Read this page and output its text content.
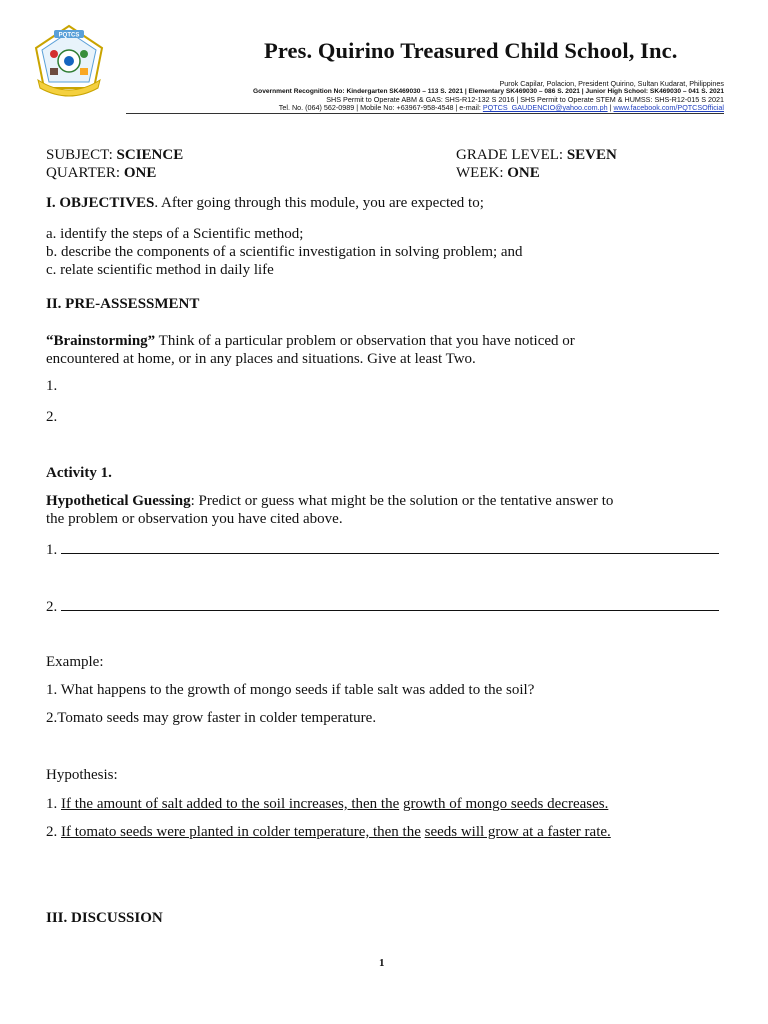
PQTCS
Pres. Quirino Treasured Child School, Inc.
Purok Capilar, Polacion, President Quirino, Sultan Kudarat, Philippines
Government Recognition No: Kindergarten SK469030 – 113 S. 2021 | Elementary SK469030 – 086 S. 2021 | Junior High School: SK469030 – 041 S. 2021
SHS Permit to Operate ABM & GAS: SHS-R12-132 S 2016 | SHS Permit to Operate STEM & HUMSS: SHS-R12-015 S 2021
Tel. No. (064) 562-0989 | Mobile No: +63967-958-4548 | e-mail: PQTCS_GAUDENCIO@yahoo.com.ph | www.facebook.com/PQTCSOfficial
SUBJECT: SCIENCE	GRADE LEVEL: SEVEN
QUARTER: ONE	WEEK: ONE
I. OBJECTIVES. After going through this module, you are expected to;
a. identify the steps of a Scientific method;
b. describe the components of a scientific investigation in solving problem; and
c. relate scientific method in daily life
II. PRE-ASSESSMENT
“Brainstorming” Think of a particular problem or observation that you have noticed or
encountered at home, or in any places and situations. Give at least Two.
1.
2.
Activity 1.
Hypothetical Guessing: Predict or guess what might be the solution or the tentative answer to
the problem or observation you have cited above.
1.
2.
Example:
1. What happens to the growth of mongo seeds if table salt was added to the soil?
2.Tomato seeds may grow faster in colder temperature.
Hypothesis:
1. If the amount of salt added to the soil increases, then the growth of mongo seeds decreases.
2. If tomato seeds were planted in colder temperature, then the seeds will grow at a faster rate.
III. DISCUSSION
1
